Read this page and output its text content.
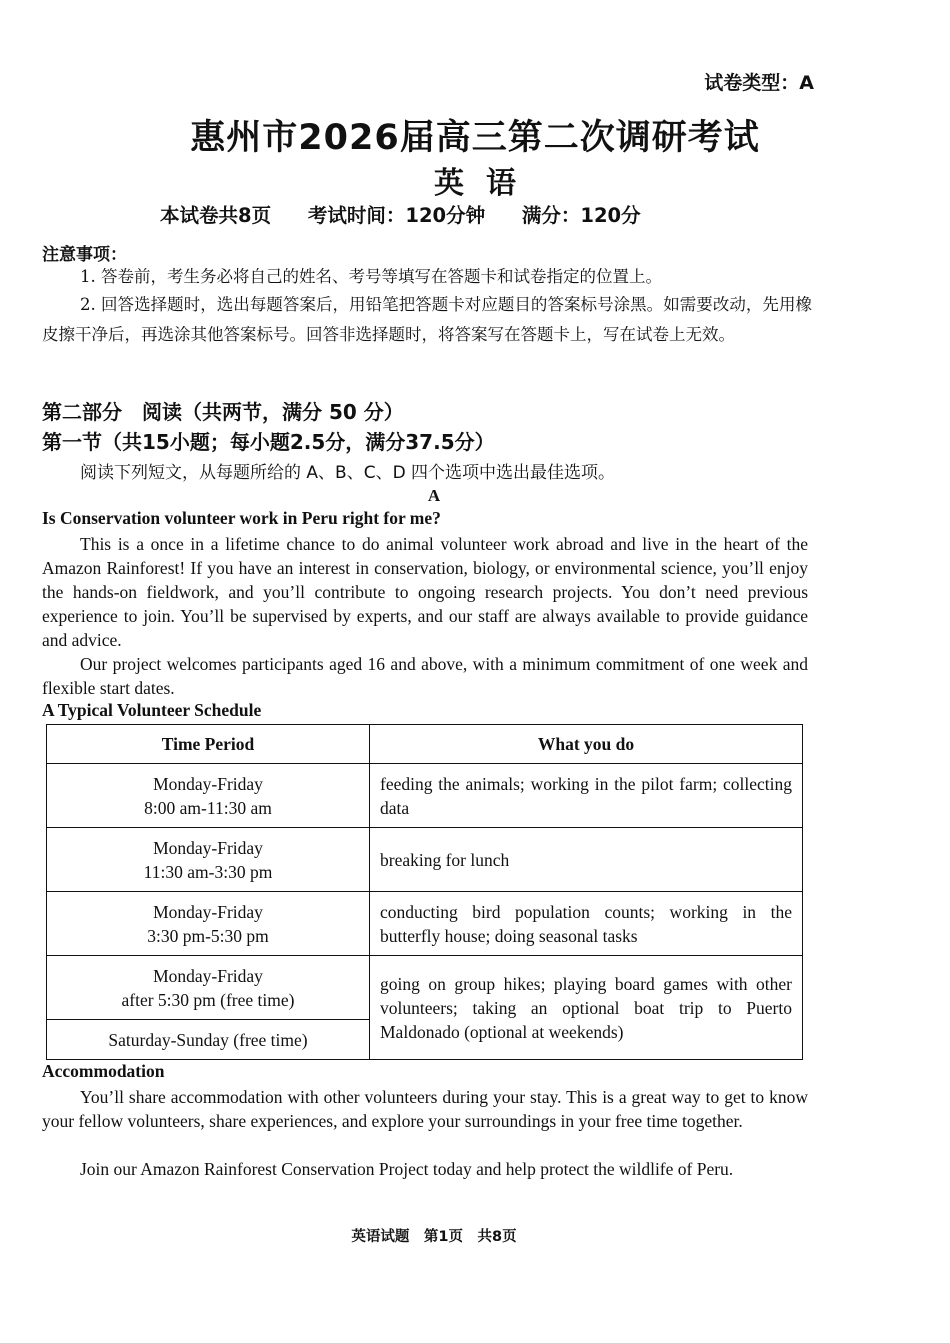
试卷类型：A
惠州市2026届高三第二次调研考试
英语
本试卷共8页 考试时间：120分钟 满分：120分
注意事项：
1. 答卷前，考生务必将自己的姓名、考号等填写在答题卡和试卷指定的位置上。
2. 回答选择题时，选出每题答案后，用铅笔把答题卡对应题目的答案标号涂黑。如需要改动，先用橡皮擦干净后，再选涂其他答案标号。回答非选择题时，将答案写在答题卡上，写在试卷上无效。
第二部分　阅读（共两节，满分 50 分）
第一节（共15小题；每小题2.5分，满分37.5分）
阅读下列短文，从每题所给的 A、B、C、D 四个选项中选出最佳选项。
A
Is Conservation volunteer work in Peru right for me?
This is a once in a lifetime chance to do animal volunteer work abroad and live in the heart of the Amazon Rainforest! If you have an interest in conservation, biology, or environmental science, you’ll enjoy the hands-on fieldwork, and you’ll contribute to ongoing research projects. You don’t need previous experience to join. You’ll be supervised by experts, and our staff are always available to provide guidance and advice.
Our project welcomes participants aged 16 and above, with a minimum commitment of one week and flexible start dates.
A Typical Volunteer Schedule
Time Period	What you do

Monday-Friday
8:00 am-11:30 am	feeding the animals; working in the pilot farm; collecting data

Monday-Friday
11:30 am-3:30 pm	breaking for lunch

Monday-Friday
3:30 pm-5:30 pm	conducting bird population counts; working in the butterfly house; doing seasonal tasks

Monday-Friday
after 5:30 pm (free time)	going on group hikes; playing board games with other volunteers; taking an optional boat trip to Puerto Maldonado (optional at weekends)
Saturday-Sunday (free time)	
Accommodation
You’ll share accommodation with other volunteers during your stay. This is a great way to get to know your fellow volunteers, share experiences, and explore your surroundings in your free time together.
Join our Amazon Rainforest Conservation Project today and help protect the wildlife of Peru.
英语试题　第1页　共8页
